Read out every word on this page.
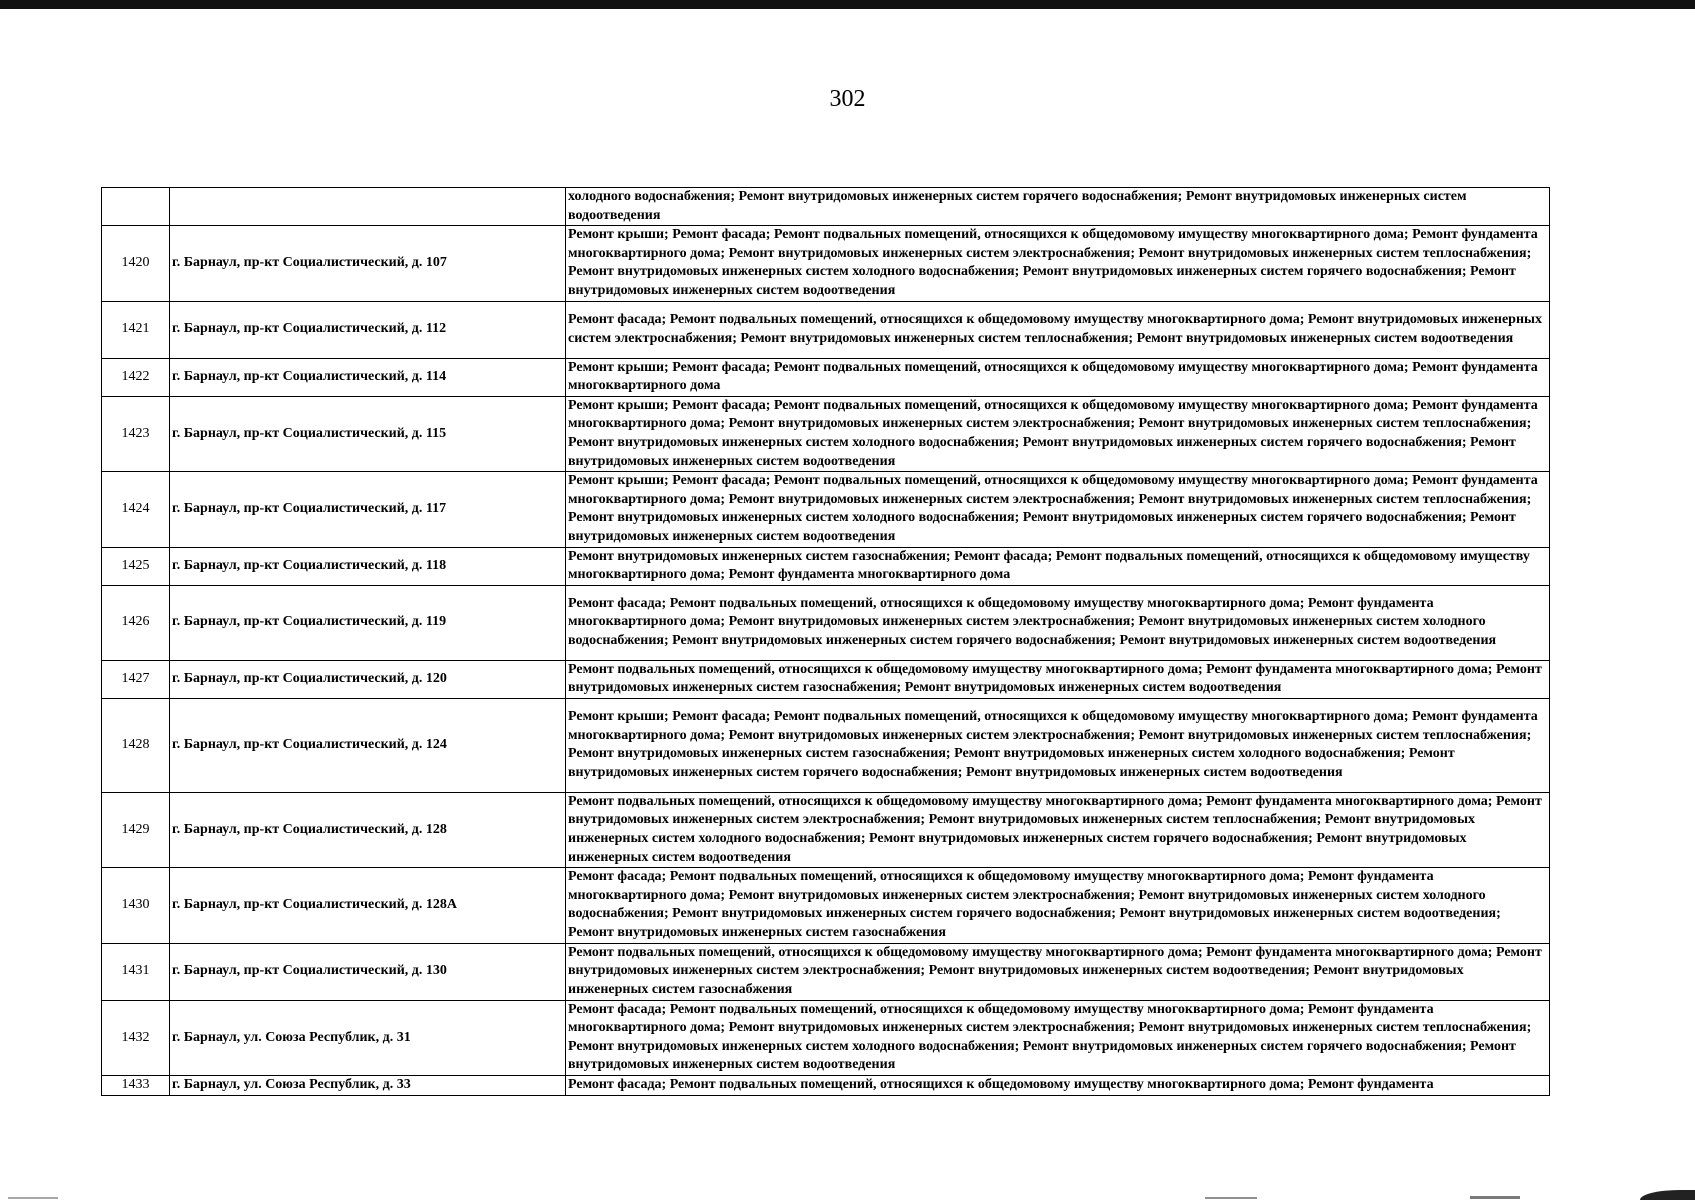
302
		холодного водоснабжения; Ремонт внутридомовых инженерных систем горячего водоснабжения; Ремонт внутридомовых инженерных систем водоотведения
1420	г. Барнаул, пр-кт Социалистический, д. 107	Ремонт крыши; Ремонт фасада; Ремонт подвальных помещений, относящихся к общедомовому имуществу многоквартирного дома; Ремонт фундамента многоквартирного дома; Ремонт внутридомовых инженерных систем электроснабжения; Ремонт внутридомовых инженерных систем теплоснабжения; Ремонт внутридомовых инженерных систем холодного водоснабжения; Ремонт внутридомовых инженерных систем горячего водоснабжения; Ремонт внутридомовых инженерных систем водоотведения
1421	г. Барнаул, пр-кт Социалистический, д. 112	Ремонт фасада; Ремонт подвальных помещений, относящихся к общедомовому имуществу многоквартирного дома; Ремонт внутридомовых инженерных систем электроснабжения; Ремонт внутридомовых инженерных систем теплоснабжения; Ремонт внутридомовых инженерных систем водоотведения
1422	г. Барнаул, пр-кт Социалистический, д. 114	Ремонт крыши; Ремонт фасада; Ремонт подвальных помещений, относящихся к общедомовому имуществу многоквартирного дома; Ремонт фундамента многоквартирного дома
1423	г. Барнаул, пр-кт Социалистический, д. 115	Ремонт крыши; Ремонт фасада; Ремонт подвальных помещений, относящихся к общедомовому имуществу многоквартирного дома; Ремонт фундамента многоквартирного дома; Ремонт внутридомовых инженерных систем электроснабжения; Ремонт внутридомовых инженерных систем теплоснабжения; Ремонт внутридомовых инженерных систем холодного водоснабжения; Ремонт внутридомовых инженерных систем горячего водоснабжения; Ремонт внутридомовых инженерных систем водоотведения
1424	г. Барнаул, пр-кт Социалистический, д. 117	Ремонт крыши; Ремонт фасада; Ремонт подвальных помещений, относящихся к общедомовому имуществу многоквартирного дома; Ремонт фундамента многоквартирного дома; Ремонт внутридомовых инженерных систем электроснабжения; Ремонт внутридомовых инженерных систем теплоснабжения; Ремонт внутридомовых инженерных систем холодного водоснабжения; Ремонт внутридомовых инженерных систем горячего водоснабжения; Ремонт внутридомовых инженерных систем водоотведения
1425	г. Барнаул, пр-кт Социалистический, д. 118	Ремонт внутридомовых инженерных систем газоснабжения; Ремонт фасада; Ремонт подвальных помещений, относящихся к общедомовому имуществу многоквартирного дома; Ремонт фундамента многоквартирного дома
1426	г. Барнаул, пр-кт Социалистический, д. 119	Ремонт фасада; Ремонт подвальных помещений, относящихся к общедомовому имуществу многоквартирного дома; Ремонт фундамента многоквартирного дома; Ремонт внутридомовых инженерных систем электроснабжения; Ремонт внутридомовых инженерных систем холодного водоснабжения; Ремонт внутридомовых инженерных систем горячего водоснабжения; Ремонт внутридомовых инженерных систем водоотведения
1427	г. Барнаул, пр-кт Социалистический, д. 120	Ремонт подвальных помещений, относящихся к общедомовому имуществу многоквартирного дома; Ремонт фундамента многоквартирного дома; Ремонт внутридомовых инженерных систем газоснабжения; Ремонт внутридомовых инженерных систем водоотведения
1428	г. Барнаул, пр-кт Социалистический, д. 124	Ремонт крыши; Ремонт фасада; Ремонт подвальных помещений, относящихся к общедомовому имуществу многоквартирного дома; Ремонт фундамента многоквартирного дома; Ремонт внутридомовых инженерных систем электроснабжения; Ремонт внутридомовых инженерных систем теплоснабжения; Ремонт внутридомовых инженерных систем газоснабжения; Ремонт внутридомовых инженерных систем холодного водоснабжения; Ремонт внутридомовых инженерных систем горячего водоснабжения; Ремонт внутридомовых инженерных систем водоотведения
1429	г. Барнаул, пр-кт Социалистический, д. 128	Ремонт подвальных помещений, относящихся к общедомовому имуществу многоквартирного дома; Ремонт фундамента многоквартирного дома; Ремонт внутридомовых инженерных систем электроснабжения; Ремонт внутридомовых инженерных систем теплоснабжения; Ремонт внутридомовых инженерных систем холодного водоснабжения; Ремонт внутридомовых инженерных систем горячего водоснабжения; Ремонт внутридомовых инженерных систем водоотведения
1430	г. Барнаул, пр-кт Социалистический, д. 128А	Ремонт фасада; Ремонт подвальных помещений, относящихся к общедомовому имуществу многоквартирного дома; Ремонт фундамента многоквартирного дома; Ремонт внутридомовых инженерных систем электроснабжения; Ремонт внутридомовых инженерных систем холодного водоснабжения; Ремонт внутридомовых инженерных систем горячего водоснабжения; Ремонт внутридомовых инженерных систем водоотведения; Ремонт внутридомовых инженерных систем газоснабжения
1431	г. Барнаул, пр-кт Социалистический, д. 130	Ремонт подвальных помещений, относящихся к общедомовому имуществу многоквартирного дома; Ремонт фундамента многоквартирного дома; Ремонт внутридомовых инженерных систем электроснабжения; Ремонт внутридомовых инженерных систем водоотведения; Ремонт внутридомовых инженерных систем газоснабжения
1432	г. Барнаул, ул. Союза Республик, д. 31	Ремонт фасада; Ремонт подвальных помещений, относящихся к общедомовому имуществу многоквартирного дома; Ремонт фундамента многоквартирного дома; Ремонт внутридомовых инженерных систем электроснабжения; Ремонт внутридомовых инженерных систем теплоснабжения; Ремонт внутридомовых инженерных систем холодного водоснабжения; Ремонт внутридомовых инженерных систем горячего водоснабжения; Ремонт внутридомовых инженерных систем водоотведения
1433	г. Барнаул, ул. Союза Республик, д. 33	Ремонт фасада; Ремонт подвальных помещений, относящихся к общедомовому имуществу многоквартирного дома; Ремонт фундамента
